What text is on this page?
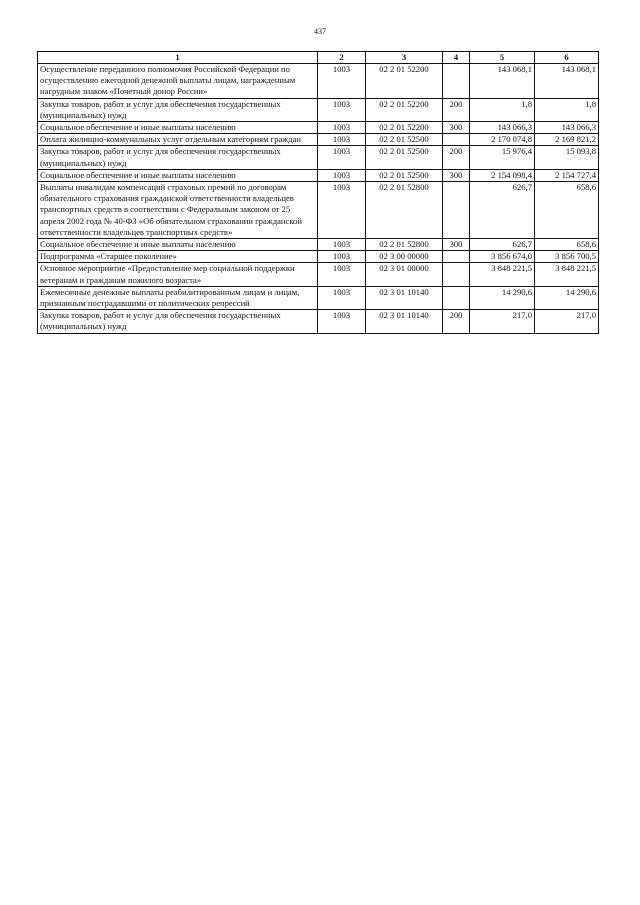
437
1	2	3	4	5	6
Осуществление переданного полномочия Российской Федерации по осуществлению ежегодной денежной выплаты лицам, награжденным нагрудным знаком «Почетный донор России»	1003	02 2 01 52200		143 068,1	143 068,1
Закупка товаров, работ и услуг для обеспечения государственных (муниципальных) нужд	1003	02 2 01 52200	200	1,8	1,8
Социальное обеспечение и иные выплаты населению	1003	02 2 01 52200	300	143 066,3	143 066,3
Оплата жилищно-коммунальных услуг отдельным категориям граждан	1003	02 2 01 52500		2 170 074,8	2 169 821,2
Закупка товаров, работ и услуг для обеспечения государственных (муниципальных) нужд	1003	02 2 01 52500	200	15 976,4	15 093,8
Социальное обеспечение и иные выплаты населению	1003	02 2 01 52500	300	2 154 098,4	2 154 727,4
Выплаты инвалидам компенсаций страховых премий по договорам обязательного страхования гражданской ответственности владельцев транспортных средств в соответствии с Федеральным законом от 25 апреля 2002 года № 40-ФЗ «Об обязательном страховании гражданской ответственности владельцев транспортных средств»	1003	02 2 01 52800		626,7	658,6
Социальное обеспечение и иные выплаты населению	1003	02 2 01 52800	300	626,7	658,6
Подпрограмма «Старшее поколение»	1003	02 3 00 00000		3 856 674,0	3 856 700,5
Основное мероприятие «Предоставление мер социальной поддержки ветеранам и гражданам пожилого возраста»	1003	02 3 01 00000		3 848 221,5	3 848 221,5
Ежемесячные денежные выплаты реабилитированным лицам и лицам, признанным пострадавшими от политических репрессий	1003	02 3 01 10140		14 290,6	14 290,6
Закупка товаров, работ и услуг для обеспечения государственных (муниципальных) нужд	1003	02 3 01 10140	200	217,0	217,0
